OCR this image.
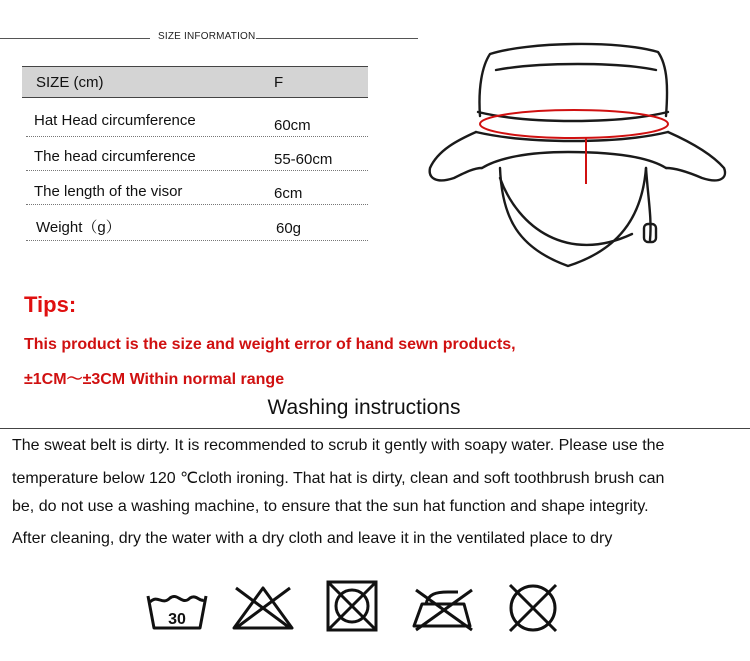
SIZE INFORMATION
SIZE (cm)	F
Hat Head circumference	60cm
The head circumference	55-60cm
The length of the visor	6cm
Weight（g）	60g
Tips:
This product is the size and weight error of hand sewn products,
±1CM～±3CM Within normal range
Washing instructions
The sweat belt is dirty. It is recommended to scrub it gently with soapy water. Please use the
temperature below 120 ℃cloth ironing. That hat is dirty, clean and soft toothbrush brush can
be, do not use a washing machine, to ensure that the sun hat function and shape integrity.
After cleaning, dry the water with a dry cloth and leave it in the ventilated place to dry
30
